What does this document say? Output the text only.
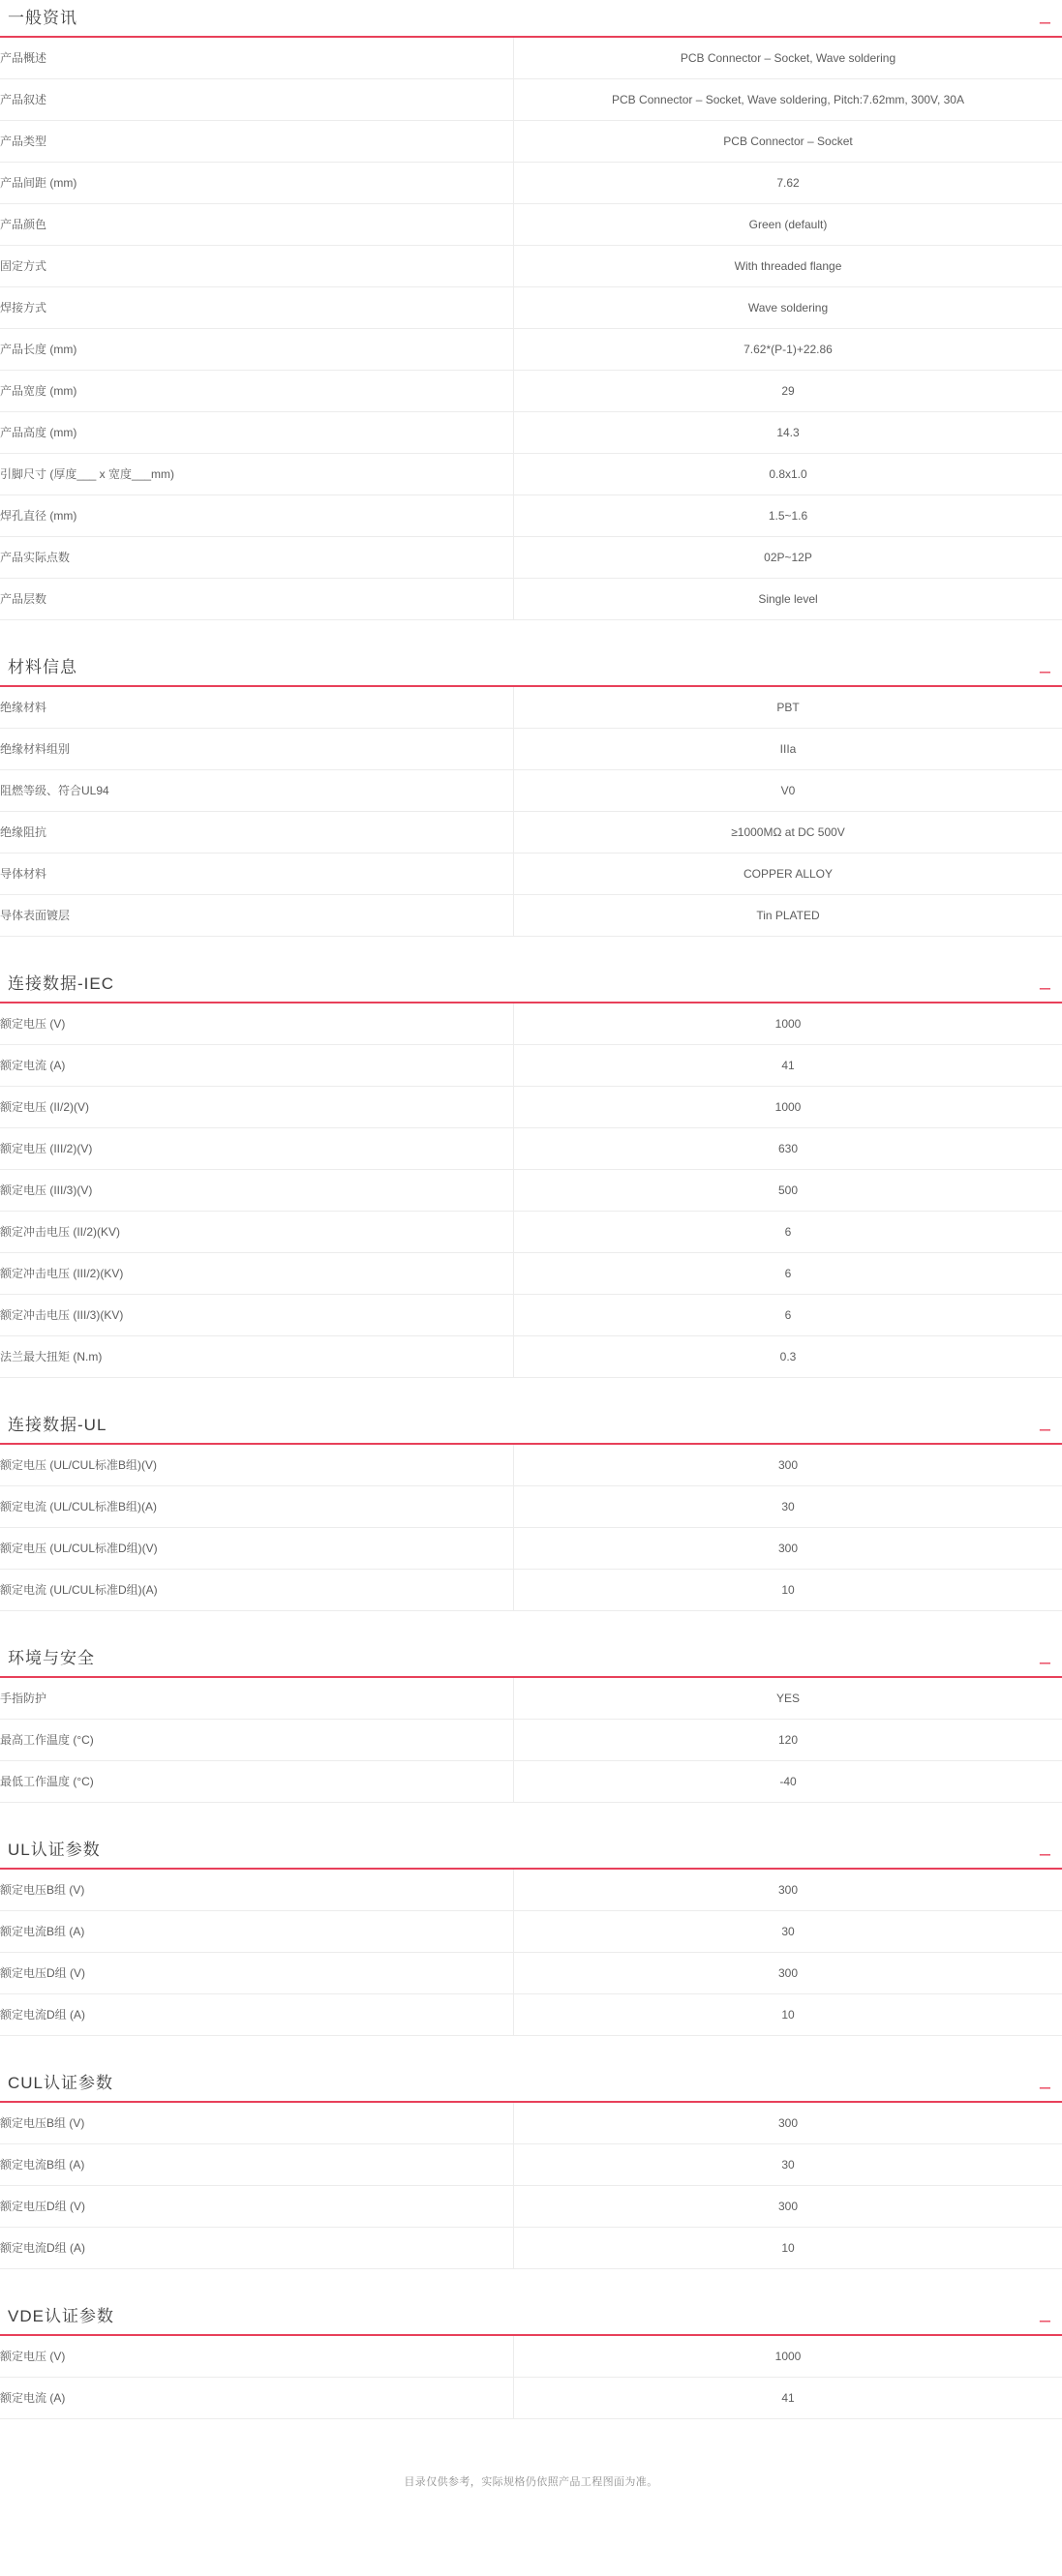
一般资讯	–
产品概述	PCB Connector – Socket, Wave soldering
产品叙述	PCB Connector – Socket, Wave soldering, Pitch:7.62mm, 300V, 30A
产品类型	PCB Connector – Socket
产品间距 (mm)	7.62
产品颜色	Green (default)
固定方式	With threaded flange
焊接方式	Wave soldering
产品长度 (mm)	7.62*(P-1)+22.86
产品宽度 (mm)	29
产品高度 (mm)	14.3
引脚尺寸 (厚度___ x 宽度___mm)	0.8x1.0
焊孔直径 (mm)	1.5~1.6
产品实际点数	02P~12P
产品层数	Single level
材料信息	–
绝缘材料	PBT
绝缘材料组别	IIIa
阻燃等级、符合UL94	V0
绝缘阻抗	≥1000MΩ at DC 500V
导体材料	COPPER ALLOY
导体表面镀层	Tin PLATED
连接数据-IEC	–
额定电压 (V)	1000
额定电流 (A)	41
额定电压 (II/2)(V)	1000
额定电压 (III/2)(V)	630
额定电压 (III/3)(V)	500
额定冲击电压 (II/2)(KV)	6
额定冲击电压 (III/2)(KV)	6
额定冲击电压 (III/3)(KV)	6
法兰最大扭矩 (N.m)	0.3
连接数据-UL	–
额定电压 (UL/CUL标准B组)(V)	300
额定电流 (UL/CUL标准B组)(A)	30
额定电压 (UL/CUL标准D组)(V)	300
额定电流 (UL/CUL标准D组)(A)	10
环境与安全	–
手指防护	YES
最高工作温度 (°C)	120
最低工作温度 (°C)	-40
UL认证参数	–
额定电压B组 (V)	300
额定电流B组 (A)	30
额定电压D组 (V)	300
额定电流D组 (A)	10
CUL认证参数	–
额定电压B组 (V)	300
额定电流B组 (A)	30
额定电压D组 (V)	300
额定电流D组 (A)	10
VDE认证参数	–
额定电压 (V)	1000
额定电流 (A)	41
目录仅供参考，实际规格仍依照产品工程图面为准。
